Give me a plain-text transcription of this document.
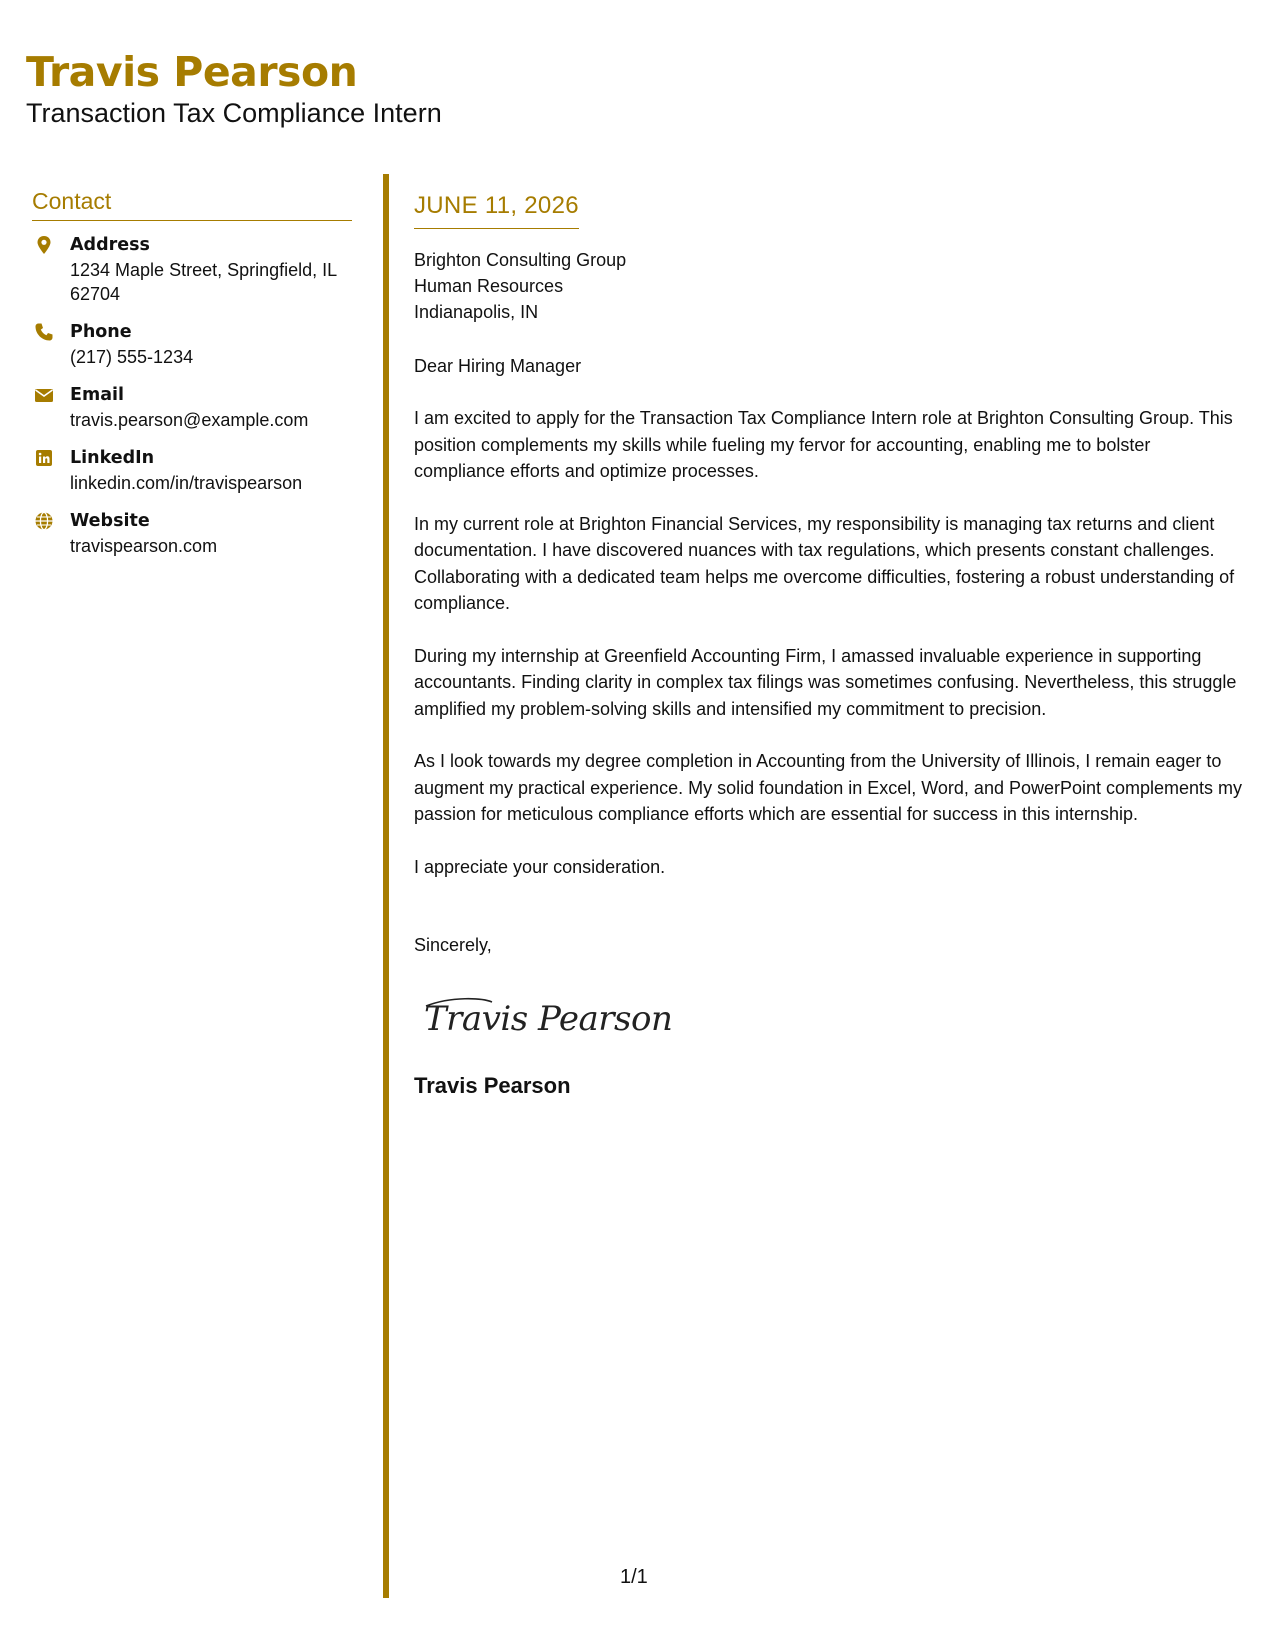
Travis Pearson
Transaction Tax Compliance Intern
Contact
Address
1234 Maple Street, Springfield, IL 62704
Phone
(217) 555-1234
Email
travis.pearson@example.com
LinkedIn
linkedin.com/in/travispearson
Website
travispearson.com
JUNE 11, 2026
Brighton Consulting Group
Human Resources
Indianapolis, IN
Dear Hiring Manager
I am excited to apply for the Transaction Tax Compliance Intern role at Brighton Consulting Group. This position complements my skills while fueling my fervor for accounting, enabling me to bolster compliance efforts and optimize processes.
In my current role at Brighton Financial Services, my responsibility is managing tax returns and client documentation. I have discovered nuances with tax regulations, which presents constant challenges. Collaborating with a dedicated team helps me overcome difficulties, fostering a robust understanding of compliance.
During my internship at Greenfield Accounting Firm, I amassed invaluable experience in supporting accountants. Finding clarity in complex tax filings was sometimes confusing. Nevertheless, this struggle amplified my problem-solving skills and intensified my commitment to precision.
As I look towards my degree completion in Accounting from the University of Illinois, I remain eager to augment my practical experience. My solid foundation in Excel, Word, and PowerPoint complements my passion for meticulous compliance efforts which are essential for success in this internship.
I appreciate your consideration.
Sincerely,
Travis Pearson
Travis Pearson
1/1
